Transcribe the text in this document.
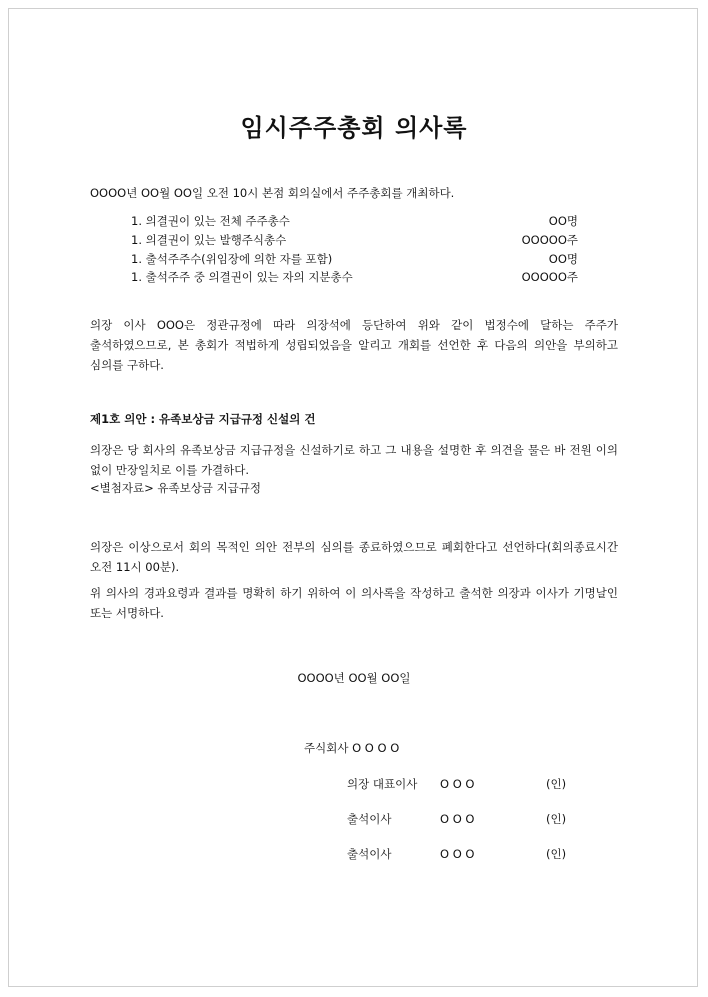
임시주주총회 의사록
OOOO년 OO월 OO일 오전 10시 본점 회의실에서 주주총회를 개최하다.
1. 의결권이 있는 전체 주주총수	OO명
1. 의결권이 있는 발행주식총수	OOOOO주
1. 출석주주수(위임장에 의한 자를 포함)	OO명
1. 출석주주 중 의결권이 있는 자의 지분총수	OOOOO주
의장 이사 OOO은 정관규정에 따라 의장석에 등단하여 위와 같이 법정수에 달하는 주주가 출석하였으므로, 본 총회가 적법하게 성립되었음을 알리고 개회를 선언한 후 다음의 의안을 부의하고 심의를 구하다.
제1호 의안 : 유족보상금 지급규정 신설의 건
의장은 당 회사의 유족보상금 지급규정을 신설하기로 하고 그 내용을 설명한 후 의견을 물은 바 전원 이의 없이 만장일치로 이를 가결하다.
<별첨자료> 유족보상금 지급규정
의장은 이상으로서 회의 목적인 의안 전부의 심의를 종료하였으므로 폐회한다고 선언하다(회의종료시간 오전 11시 00분).
위 의사의 경과요령과 결과를 명확히 하기 위하여 이 의사록을 작성하고 출석한 의장과 이사가 기명날인 또는 서명하다.
OOOO년 OO월 OO일
주식회사 O O O O
의장 대표이사 O O O	(인)
출석이사	O O O	(인)
출석이사	O O O	(인)
